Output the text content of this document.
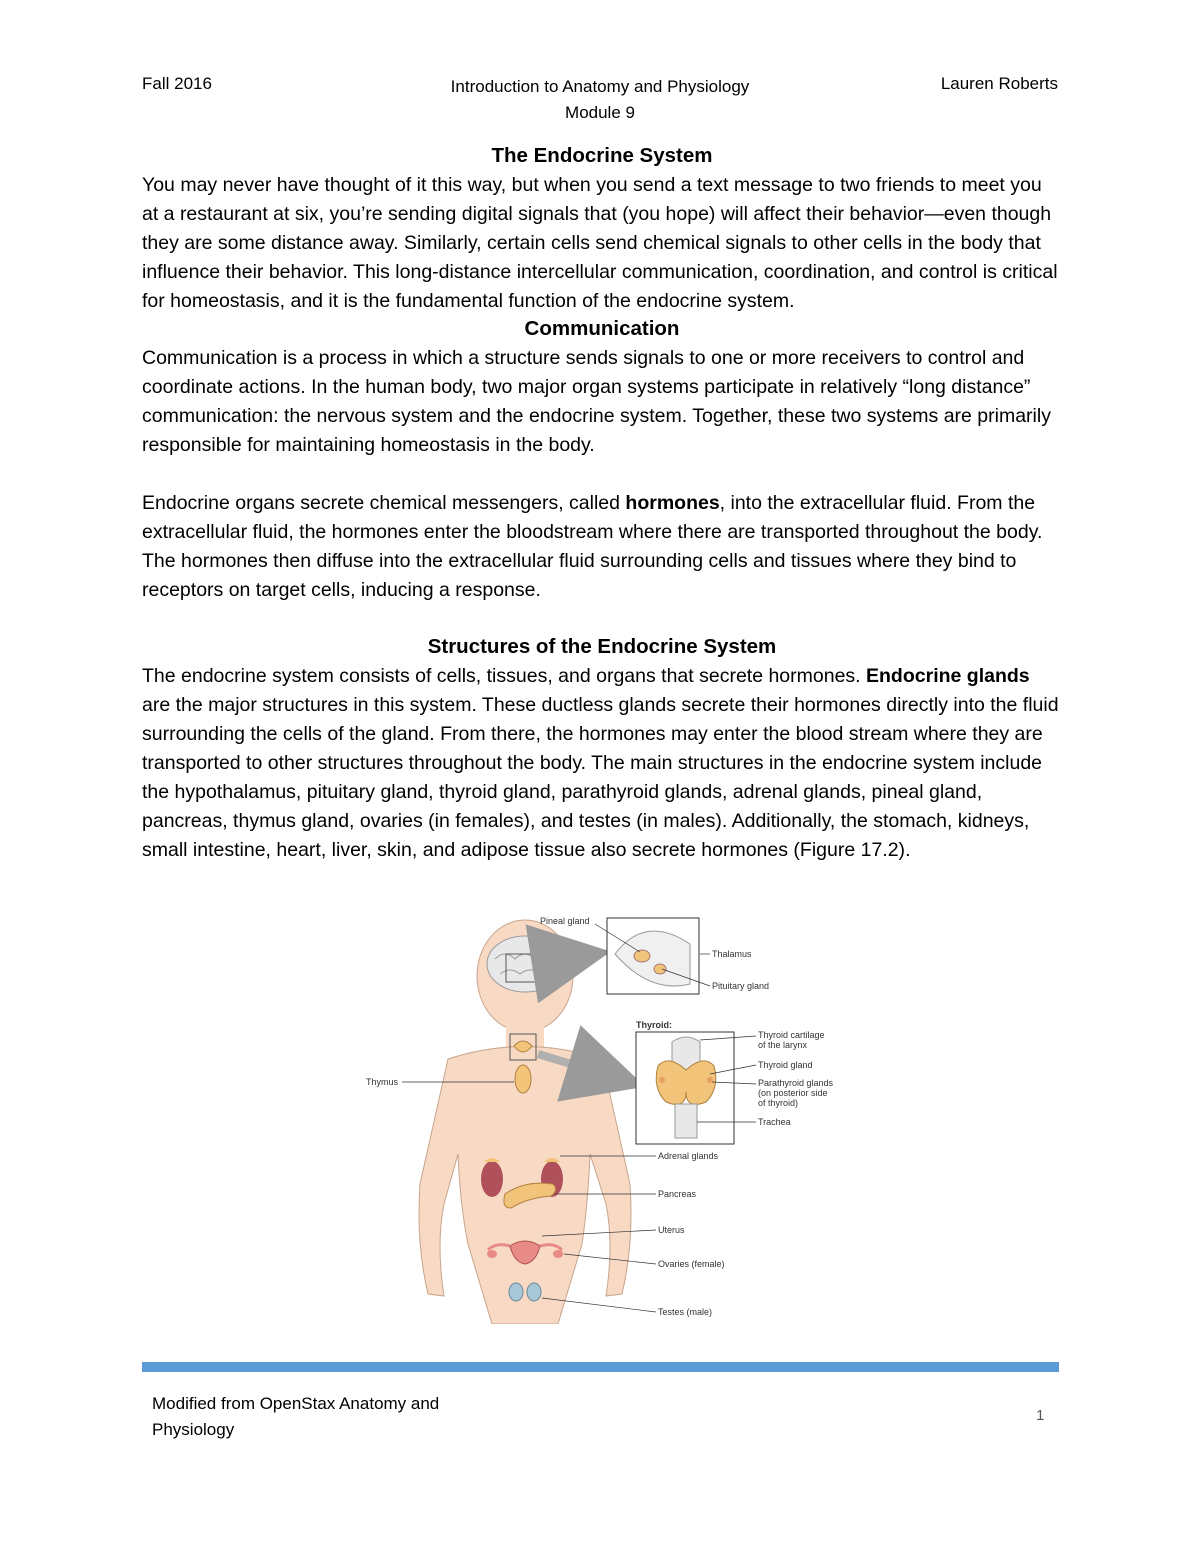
Fall 2016	Introduction to Anatomy and Physiology
Module 9
Lauren Roberts

The Endocrine System

You may never have thought of it this way, but when you send a text message to two friends to meet you at a restaurant at six, you’re sending digital signals that (you hope) will affect their behavior—even though they are some distance away. Similarly, certain cells send chemical signals to other cells in the body that influence their behavior. This long-distance intercellular communication, coordination, and control is critical for homeostasis, and it is the fundamental function of the endocrine system.

Communication

Communication is a process in which a structure sends signals to one or more receivers to control and coordinate actions. In the human body, two major organ systems participate in relatively “long distance” communication: the nervous system and the endocrine system. Together, these two systems are primarily responsible for maintaining homeostasis in the body.

Endocrine organs secrete chemical messengers, called hormones, into the extracellular fluid. From the extracellular fluid, the hormones enter the bloodstream where there are transported throughout the body. The hormones then diffuse into the extracellular fluid surrounding cells and tissues where they bind to receptors on target cells, inducing a response.

Structures of the Endocrine System

The endocrine system consists of cells, tissues, and organs that secrete hormones. Endocrine glands are the major structures in this system. These ductless glands secrete their hormones directly into the fluid surrounding the cells of the gland. From there, the hormones may enter the blood stream where they are transported to other structures throughout the body. The main structures in the endocrine system include the hypothalamus, pituitary gland, thyroid gland, parathyroid glands, adrenal glands, pineal gland, pancreas, thymus gland, ovaries (in females), and testes (in males). Additionally, the stomach, kidneys, small intestine, heart, liver, skin, and adipose tissue also secrete hormones (Figure 17.2).

Pineal gland
Thalamus
Pituitary gland
Thymus
Thyroid:
Thyroid cartilage
of the larynx
Thyroid gland
Parathyroid glands
(on posterior side
of thyroid)
Trachea
Adrenal glands
Pancreas
Uterus
Ovaries (female)
Testes (male)
Modified from OpenStax Anatomy and
Physiology
1
